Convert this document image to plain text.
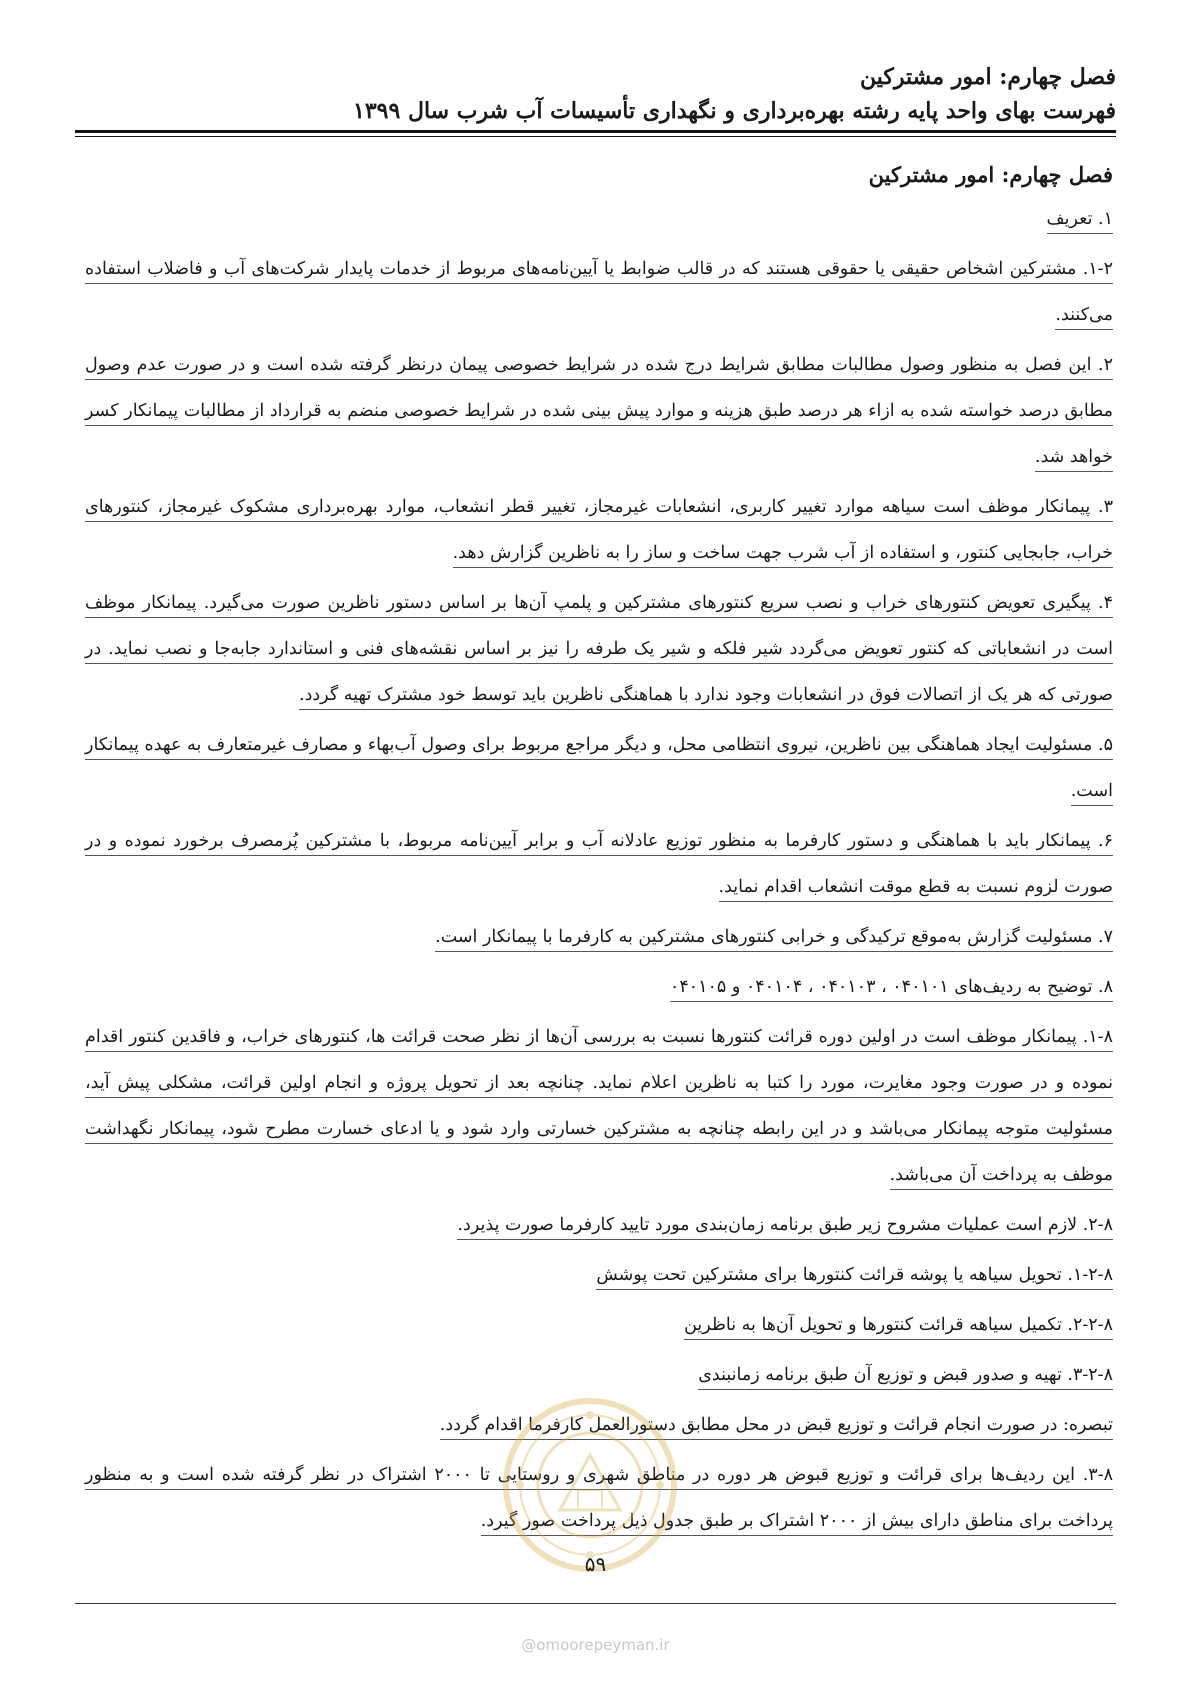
فصل چهارم: امور مشترکین
فهرست بهای واحد پایه رشته بهره‌برداری و نگهداری تأسیسات آب شرب سال ۱۳۹۹
فصل چهارم: امور مشترکین

۱. تعریف

۱-۲. مشترکین اشخاص حقیقی یا حقوقی هستند که در قالب ضوابط یا آیین‌نامه‌های مربوط از خدمات پایدار شرکت‌های آب و فاضلاب استفاده می‌کنند.

۲. این فصل به منظور وصول مطالبات مطابق شرایط درج شده در شرایط خصوصی پیمان درنظر گرفته شده است و در صورت عدم وصول مطابق درصد خواسته شده به ازاء هر درصد طبق هزینه و موارد پیش بینی شده در شرایط خصوصی منضم به قرارداد از مطالبات پیمانکار کسر خواهد شد.

۳. پیمانکار موظف است سیاهه موارد تغییر کاربری، انشعابات غیرمجاز، تغییر قطر انشعاب، موارد بهره‌برداری مشکوک غیرمجاز، کنتورهای خراب، جابجایی کنتور، و استفاده از آب شرب جهت ساخت و ساز را به ناظرین گزارش دهد.

۴. پیگیری تعویض کنتورهای خراب و نصب سریع کنتورهای مشترکین و پلمپ آن‌ها بر اساس دستور ناظرین صورت می‌گیرد. پیمانکار موظف است در انشعاباتی که کنتور تعویض می‌گردد شیر فلکه و شیر یک طرفه را نیز بر اساس نقشه‌های فنی و استاندارد جابه‌جا و نصب نماید. در صورتی که هر یک از اتصالات فوق در انشعابات وجود ندارد با هماهنگی ناظرین باید توسط خود مشترک تهیه گردد.

۵. مسئولیت ایجاد هماهنگی بین ناظرین، نیروی انتظامی محل، و دیگر مراجع مربوط برای وصول آب‌بهاء و مصارف غیرمتعارف به عهده پیمانکار است.

۶. پیمانکار باید با هماهنگی و دستور کارفرما به منظور توزیع عادلانه آب و برابر آیین‌نامه مربوط، با مشترکین پُرمصرف برخورد نموده و در صورت لزوم نسبت به قطع موقت انشعاب اقدام نماید.

۷. مسئولیت گزارش به‌موقع ترکیدگی و خرابی کنتورهای مشترکین به کارفرما با پیمانکار است.

۸. توضیح به ردیف‌های ۰۴۰۱۰۱ ، ۰۴۰۱۰۳ ، ۰۴۰۱۰۴ و ۰۴۰۱۰۵

۱-۸. پیمانکار موظف است در اولین دوره قرائت کنتورها نسبت به بررسی آن‌ها از نظر صحت قرائت ها، کنتورهای خراب، و فاقدین کنتور اقدام نموده و در صورت وجود مغایرت، مورد را کتبا به ناظرین اعلام نماید. چنانچه بعد از تحویل پروژه و انجام اولین قرائت، مشکلی پیش آید، مسئولیت متوجه پیمانکار می‌باشد و در این رابطه چنانچه به مشترکین خسارتی وارد شود و یا ادعای خسارت مطرح شود، پیمانکار نگهداشت موظف به پرداخت آن می‌باشد.

۲-۸. لازم است عملیات مشروح زیر طبق برنامه زمان‌بندی مورد تایید کارفرما صورت پذیرد.

۱-۲-۸. تحویل سیاهه یا پوشه قرائت کنتورها برای مشترکین تحت پوشش

۲-۲-۸. تکمیل سیاهه قرائت کنتورها و تحویل آن‌ها به ناظرین

۳-۲-۸. تهیه و صدور قبض و توزیع آن طبق برنامه زمانبندی

تبصره: در صورت انجام قرائت و توزیع قبض در محل مطابق دستورالعمل کارفرما اقدام گردد.

۳-۸. این ردیف‌ها برای قرائت و توزیع قبوض هر دوره در مناطق شهری و روستایی تا ۲۰۰۰ اشتراک در نظر گرفته شده است و به منظور پرداخت برای مناطق دارای بیش از ۲۰۰۰ اشتراک بر طبق جدول ذیل پرداخت صور گیرد.

۵۹
@omoorepeyman.ir
